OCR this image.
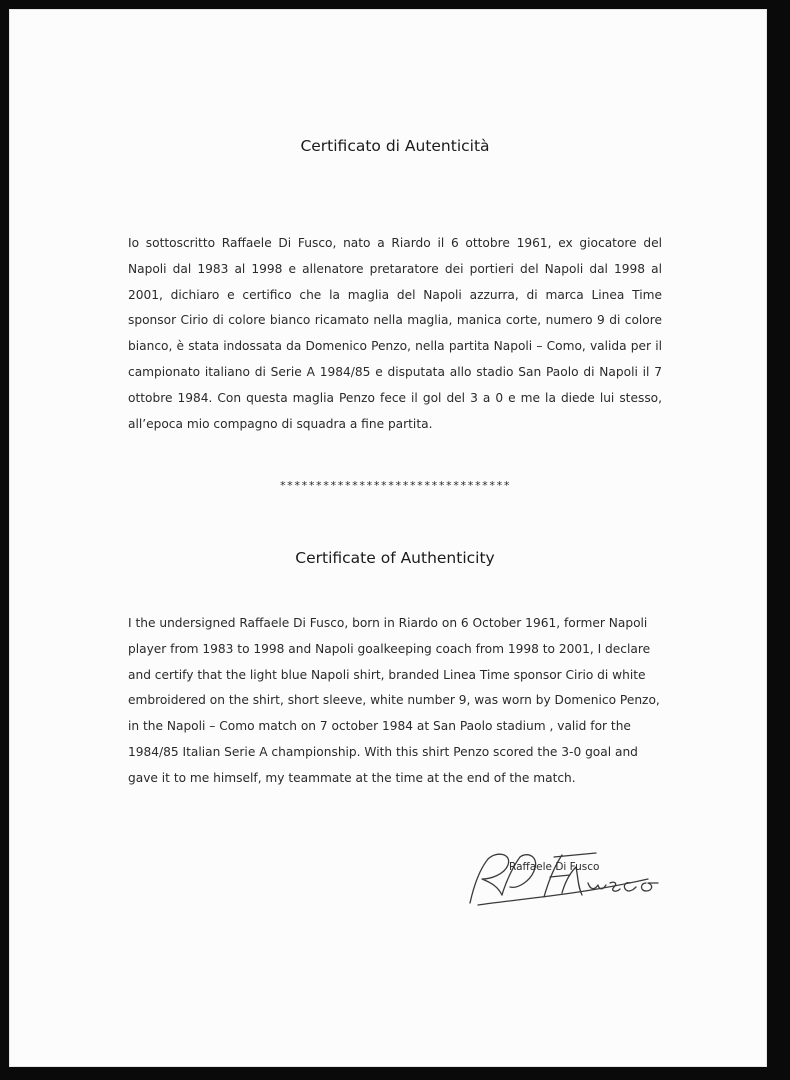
Certificato di Autenticità

Io sottoscritto Raffaele Di Fusco, nato a Riardo il 6 ottobre 1961, ex giocatore del Napoli dal 1983 al 1998 e allenatore pretaratore dei portieri del Napoli dal 1998 al 2001, dichiaro e certifico che la maglia del Napoli azzurra, di marca Linea Time sponsor Cirio di colore bianco ricamato nella maglia, manica corte, numero 9 di colore bianco, è stata indossata da Domenico Penzo, nella partita Napoli – Como, valida per il campionato italiano di Serie A 1984/85 e disputata allo stadio San Paolo di Napoli il 7 ottobre 1984. Con questa maglia Penzo fece il gol del 3 a 0 e me la diede lui stesso, all’epoca mio compagno di squadra a fine partita.

********************************
Certificate of Authenticity

I the undersigned Raffaele Di Fusco, born in Riardo on 6 October 1961, former Napoli player from 1983 to 1998 and Napoli goalkeeping coach from 1998 to 2001, I declare and certify that the light blue Napoli shirt, branded Linea Time sponsor Cirio di white embroidered on the shirt, short sleeve, white number 9, was worn by Domenico Penzo, in the Napoli – Como match on 7 october 1984 at San Paolo stadium , valid for the 1984/85 Italian Serie A championship. With this shirt Penzo scored the 3-0 goal and gave it to me himself, my teammate at the time at the end of the match.

Raffaele Di Fusco
